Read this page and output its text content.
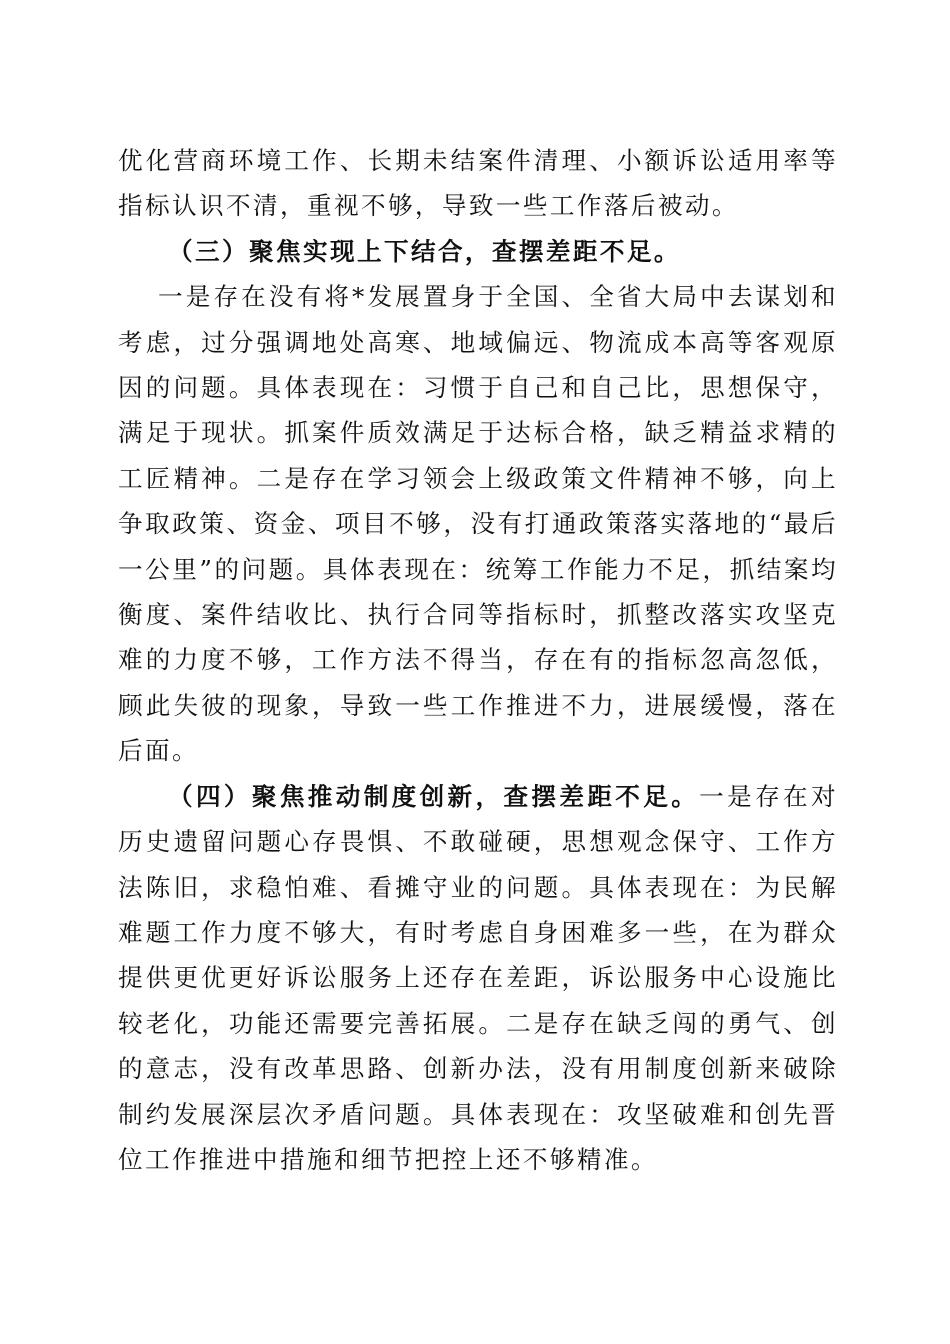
优化营商环境工作、长期未结案件清理、小额诉讼适用率等指标认识不清，重视不够，导致一些工作落后被动。

（三）聚焦实现上下结合，查摆差距不足。

一是存在没有将*发展置身于全国、全省大局中去谋划和考虑，过分强调地处高寒、地域偏远、物流成本高等客观原因的问题。具体表现在：习惯于自己和自己比，思想保守，满足于现状。抓案件质效满足于达标合格，缺乏精益求精的工匠精神。二是存在学习领会上级政策文件精神不够，向上争取政策、资金、项目不够，没有打通政策落实落地的“最后一公里”的问题。具体表现在：统筹工作能力不足，抓结案均衡度、案件结收比、执行合同等指标时，抓整改落实攻坚克难的力度不够，工作方法不得当，存在有的指标忽高忽低，顾此失彼的现象，导致一些工作推进不力，进展缓慢，落在后面。

（四）聚焦推动制度创新，查摆差距不足。一是存在对历史遗留问题心存畏惧、不敢碰硬，思想观念保守、工作方法陈旧，求稳怕难、看摊守业的问题。具体表现在：为民解难题工作力度不够大，有时考虑自身困难多一些，在为群众提供更优更好诉讼服务上还存在差距，诉讼服务中心设施比较老化，功能还需要完善拓展。二是存在缺乏闯的勇气、创的意志，没有改革思路、创新办法，没有用制度创新来破除制约发展深层次矛盾问题。具体表现在：攻坚破难和创先晋位工作推进中措施和细节把控上还不够精准。
